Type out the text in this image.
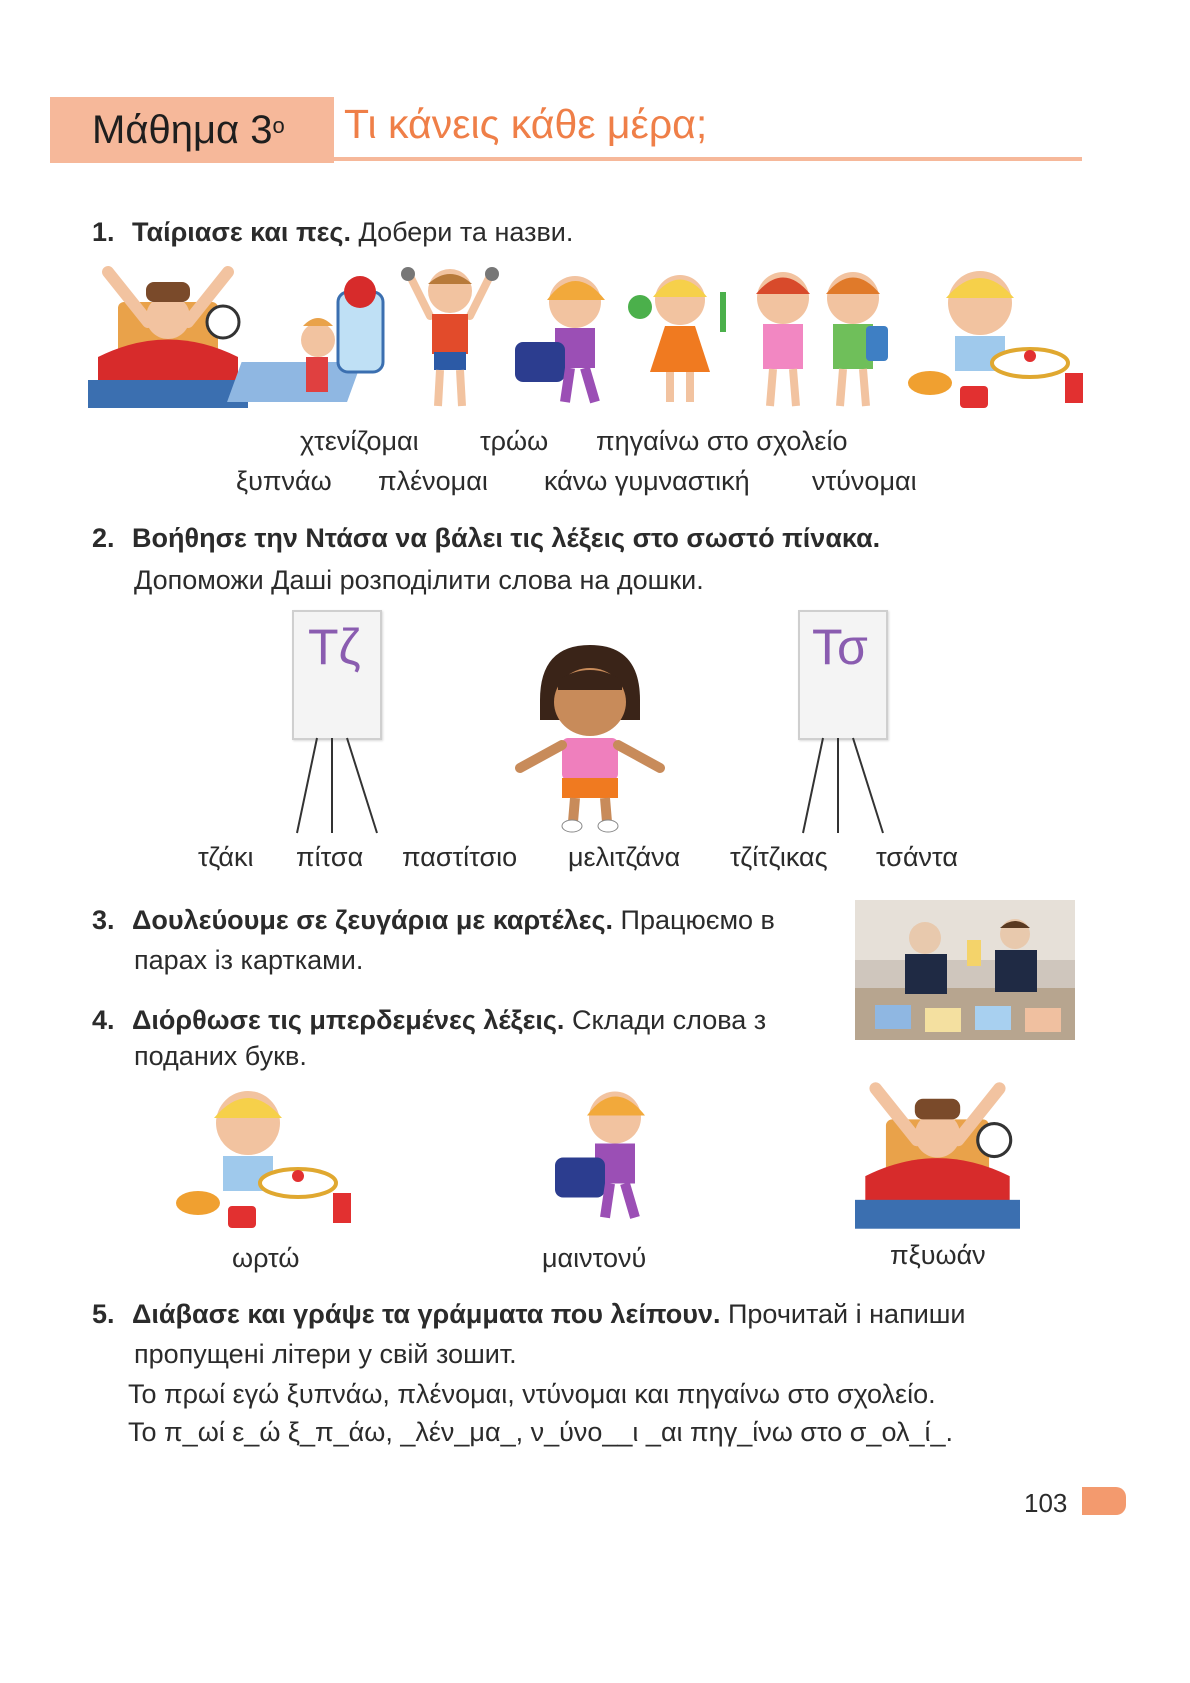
Μάθημα $3^o$ Τι κάνεις κάθε μέρα;
1. Ταίριασε και πες. Добери та назви.
χτενίζομαι τρώω πηγαίνω στο σχολείο
ξυπνάω πλένομαι κάνω γυμναστική ντύνομαι
2. Βοήθησε την Ντάσα να βάλει τις λέξεις στο σωστό πίνακα.
Допоможи Даші розподілити слова на дошки.
Τζ	Τσ
τζάκι πίτσα παστίτσιο μελιτζάνα τζίτζικας τσάντα
3. Δουλεύουμε σε ζευγάρια με καρτέλες. Працюємо в
парах із картками.
4. Διόρθωσε τις μπερδεμένες λέξεις. Склади слова з
поданих букв.
ωρτώ	μαιντονύ	πξυωάν
5. Διάβασε και γράψε τα γράμματα που λείπουν. Прочитай і напиши
пропущені літери у свій зошит.
Το πρωί εγώ ξυπνάω, πλένομαι, ντύνομαι και πηγαίνω στο σχολείο.
Το π_ωί ε_ώ ξ_π_άω, _λέν_μα_, ν_ύνο__ι _αι πηγ_ίνω στο σ_ολ_ί_.
103
